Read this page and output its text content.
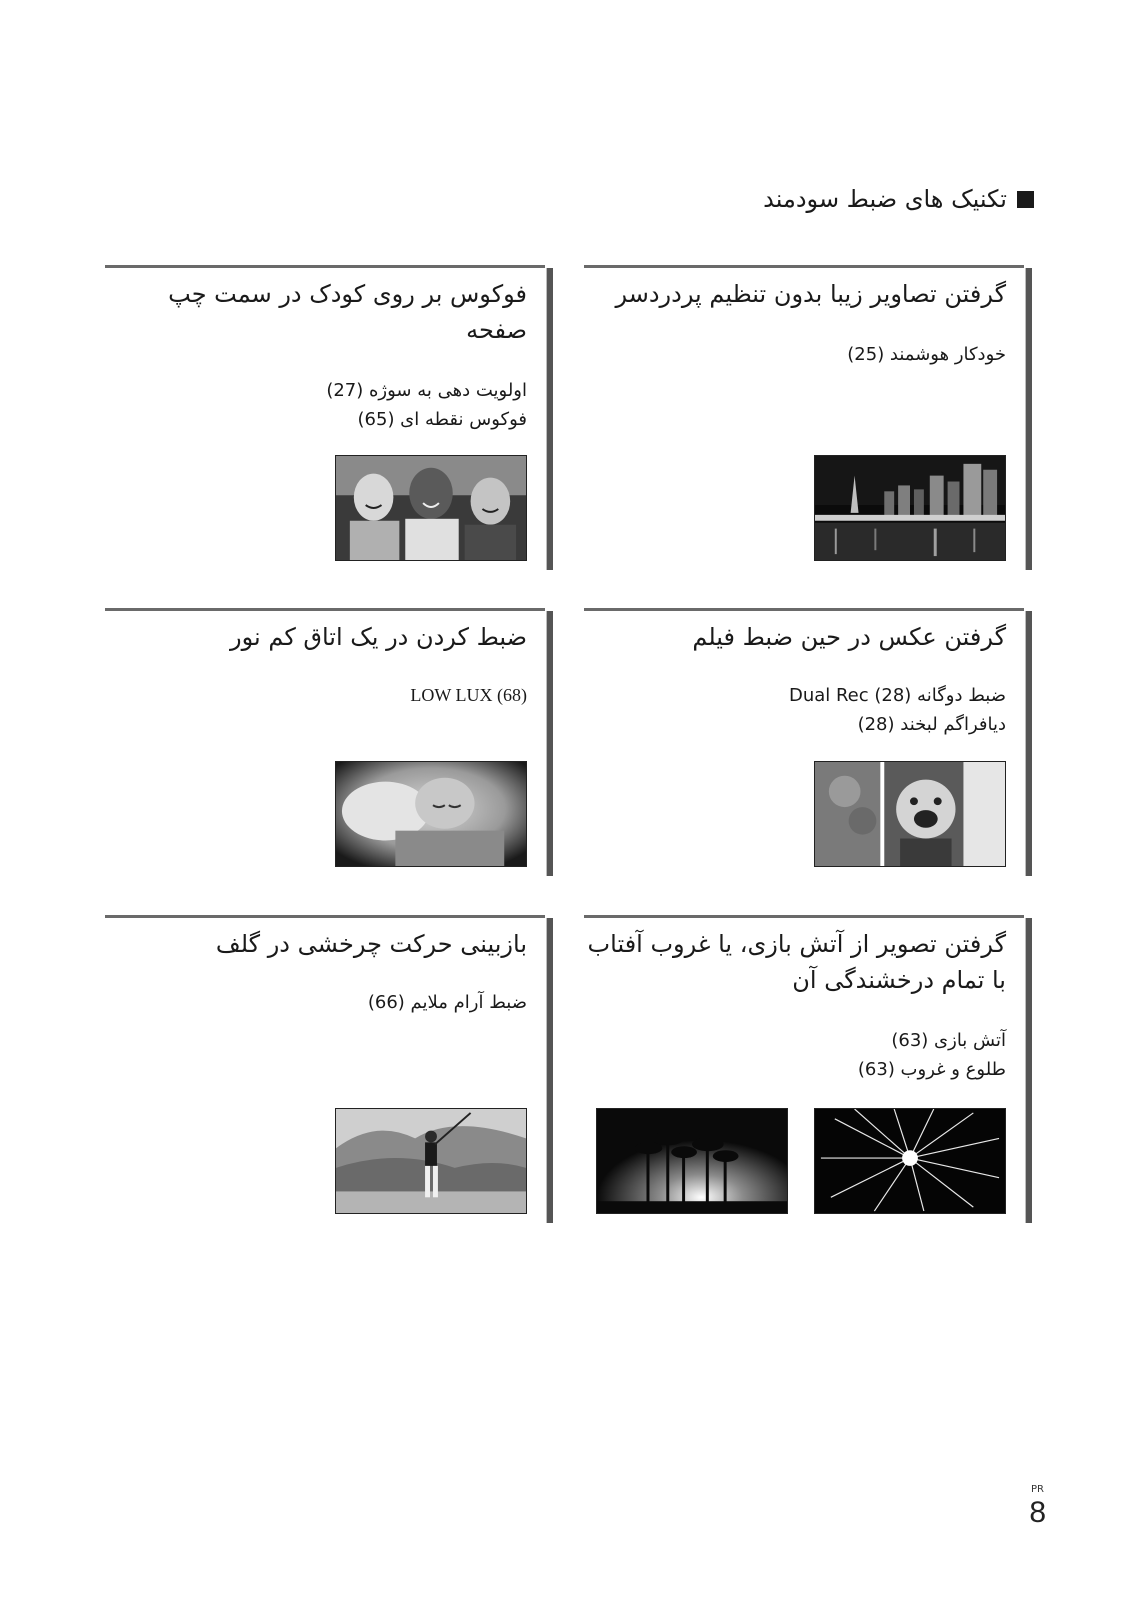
تکنیک های ضبط سودمند
گرفتن تصاویر زیبا بدون تنظیم پردردسر
خودکار هوشمند (25)
فوکوس بر روی کودک در سمت چپ صفحه
اولویت دهی به سوژه (27)
فوکوس نقطه ای (65)
گرفتن عکس در حین ضبط فیلم
ضبط دوگانه Dual Rec (28)
دیافراگم لبخند (28)
ضبط کردن در یک اتاق کم نور
LOW LUX (68)
گرفتن تصویر از آتش بازی، یا غروب آفتاب با تمام درخشندگی آن
آتش بازی (63)
طلوع و غروب (63)
بازبینی حرکت چرخشی در گلف
ضبط آرام ملایم (66)
PR
8
